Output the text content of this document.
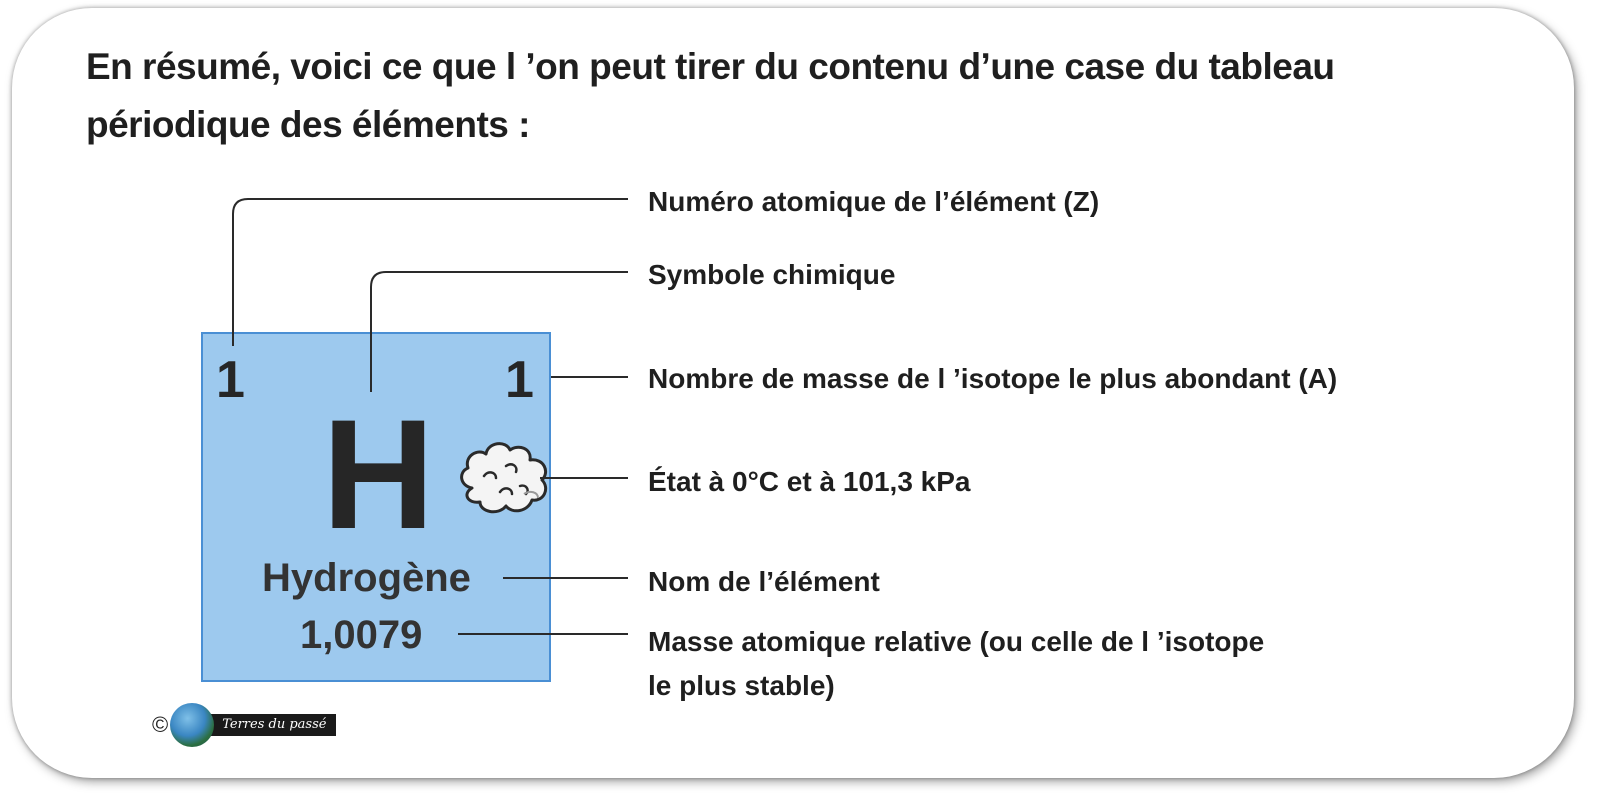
En résumé, voici ce que l ’on peut tirer du contenu d’une case du tableau périodique des éléments :
1	1
H
Hydrogène
1,0079
Numéro atomique de l’élément (Z)
Symbole chimique
Nombre de masse de l ’isotope le plus abondant (A)
État à 0°C et à 101,3 kPa
Nom de l’élément
Masse atomique relative (ou celle de l ’isotope
le plus stable)
©	Terres du passé
